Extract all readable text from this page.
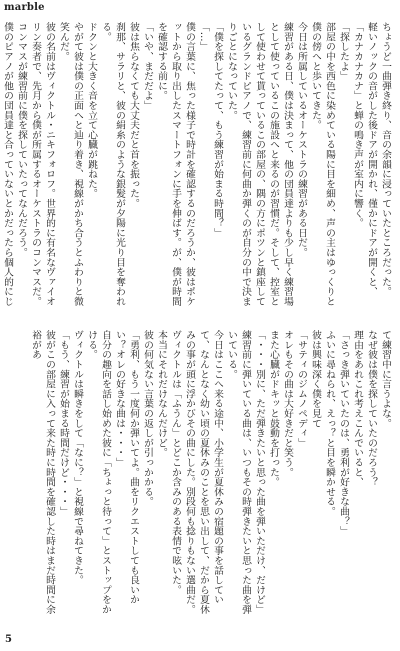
marble

ちょうど一曲弾き終り、音の余韻に浸っていたところだった。

軽いノックの音がした後ドアが開かれ、僅かにドアが開くと、「カナカナカナ」と蝉の鳴き声が室内に響く。

「探したよ」

部屋の中を西色に染めている陽に目を細め、声の主はゆっくりと僕の傍へと歩いてきた。

今日は所属しているオーケストラの練習がある日だ。

練習がある日、僕は決まって、他の団員達よりも少し早く練習場として使っているこの施設へと来るのが習慣だ。そして、控室として使わせて貰っているこの部屋の、隅の方にポツンと鎮座しているグランドピアノで、練習前に何曲か弾くのが自分の中で決まりごとになっていた。

「僕を探してたって、もう練習が始まる時間？」

「…」

僕の言葉に、焦った様子で時計を確認するのだろうか、彼はポケットから取り出したスマートフォンに手を伸ばす。が、僕が時間を確認する前に。

「いや、まだだよ」

彼は焦らなくても大丈夫だと首を振った。

刹那、サラリと、彼の絹糸のような銀髪が夕陽に光り目を奪われる。

ドクンと大きく音を立て心臓が跳ねた。

やがて彼は僕の正面へと辿り着き、視線がかち合うとふわりと微笑んだ。

彼の名前はヴィクトル・ニキフォロフ。世界的に有名なヴァイオリン奏者で、先月から僕が所属するオーケストラのコンマスだ。

コンマスが練習前に僕を探していたってなんだろう。

僕のピアノが他の団員達と合っていないとかだったら個人的にじ

て練習中に言うよな。

なぜ彼は僕を探していたのだろう？

理由をあれこれ考えこんでいると、

「さっき弾いていたのは、勇利が好きな曲？」

ふいに尋ねられ、えっ？と目を瞬かせる。

彼は興味深く僕を見て

「サティのジムノペディ」

オレもその曲は大好きだと笑う。

また心臓がドキッと鼓動を打った。

「・・・別に、ただ弾きたいと思った曲を弾いただけ、だけど」

練習前に弾いている曲は、いつもその時弾きたいと思った曲を弾いている。

今日はここへ来る途中、小学生が夏休みの宿題の事を話していて、なんとなく幼い頃の夏休みのことを思い出して、だから夏休みの事が頭に浮かびその曲にした。別段何も捻りもない選曲だ。

ヴィクトルは「ふうん」とどこか含みのある表情で呟いた。

本当にそれだけなんだけど。

彼の何気ない言葉の返しが引っかかる。

「勇利、もう一度何か弾いてよ。曲をリクエストしても良いかい？オレの好きな曲は・・・」

自分の趣向を話し始めた彼に「ちょっと待って」とストップをかける。

ヴィクトルは瞬きをして「なに？」と視線で尋ねてきた。

「もう、練習が始まる時間だけど・・・」

彼がこの部屋に入って来た時に時間を確認した時はまだ時間に余裕があ

5
